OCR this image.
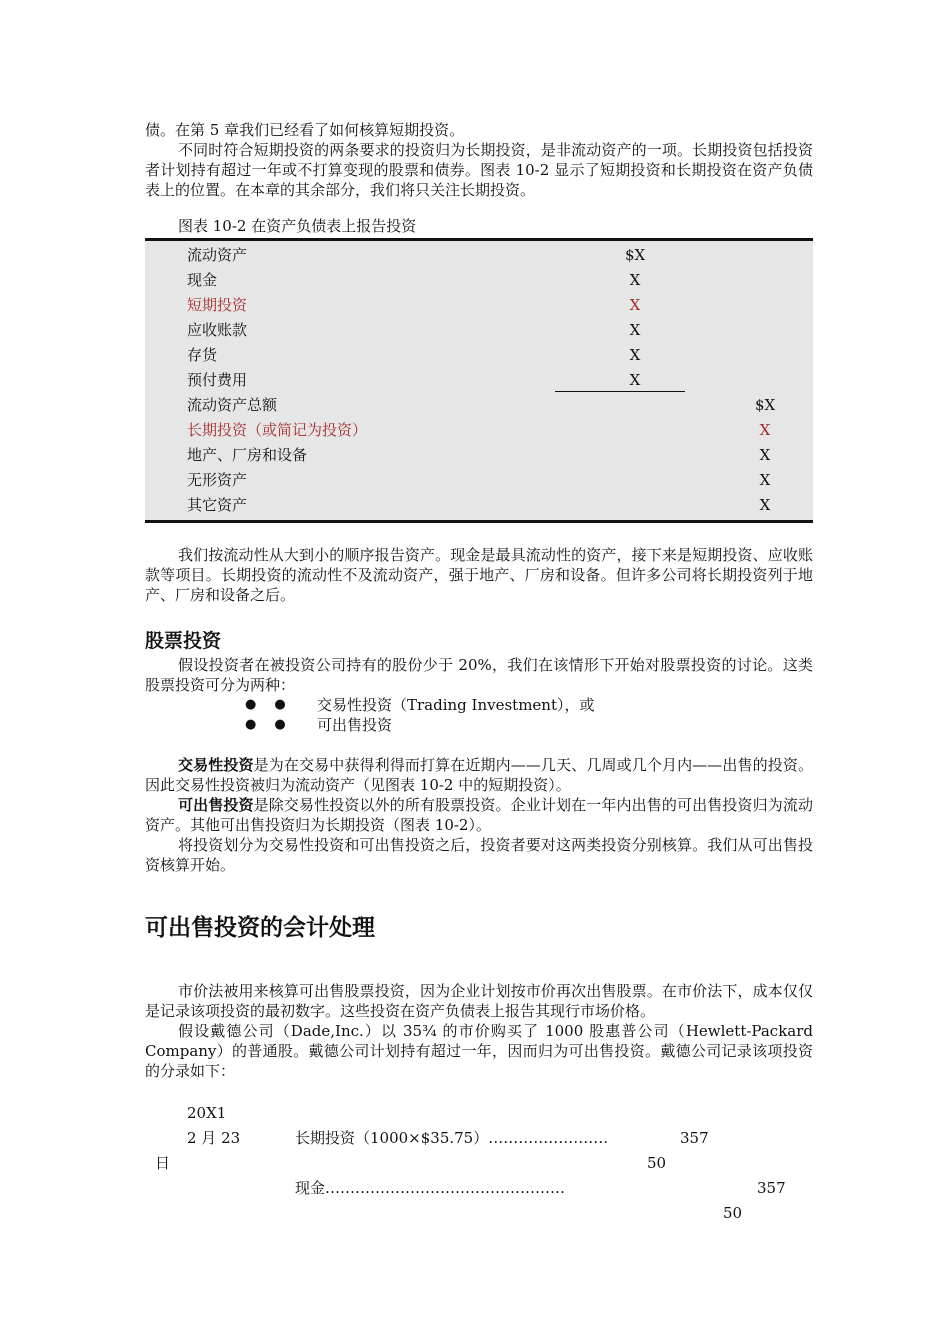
债。在第 5 章我们已经看了如何核算短期投资。

不同时符合短期投资的两条要求的投资归为长期投资，是非流动资产的一项。长期投资包括投资者计划持有超过一年或不打算变现的股票和债券。图表 10-2 显示了短期投资和长期投资在资产负债表上的位置。在本章的其余部分，我们将只关注长期投资。

图表 10-2 在资产负债表上报告投资
流动资产	$X
现金	X
短期投资	X
应收账款	X
存货	X
预付费用	X
流动资产总额	$X
长期投资（或简记为投资）	X
地产、厂房和设备	X
无形资产	X
其它资产	X

我们按流动性从大到小的顺序报告资产。现金是最具流动性的资产，接下来是短期投资、应收账款等项目。长期投资的流动性不及流动资产，强于地产、厂房和设备。但许多公司将长期投资列于地产、厂房和设备之后。

股票投资

假设投资者在被投资公司持有的股份少于 20%，我们在该情形下开始对股票投资的讨论。这类股票投资可分为两种：

●● 交易性投资（Trading Investment），或
●● 可出售投资

交易性投资是为在交易中获得利得而打算在近期内——几天、几周或几个月内——出售的投资。因此交易性投资被归为流动资产（见图表 10-2 中的短期投资）。

可出售投资是除交易性投资以外的所有股票投资。企业计划在一年内出售的可出售投资归为流动资产。其他可出售投资归为长期投资（图表 10-2）。

将投资划分为交易性投资和可出售投资之后，投资者要对这两类投资分别核算。我们从可出售投资核算开始。

可出售投资的会计处理

市价法被用来核算可出售股票投资，因为企业计划按市价再次出售股票。在市价法下，成本仅仅是记录该项投资的最初数字。这些投资在资产负债表上报告其现行市场价格。

假设戴德公司（Dade,Inc.）以 35¾ 的市价购买了 1000 股惠普公司（Hewlett-Packard Company）的普通股。戴德公司计划持有超过一年，因而归为可出售投资。戴德公司记录该项投资的分录如下：

20X1
2 月 23
日
长期投资（1000×$35.75）……………………	357
50
现金…………………………………………	357
50
